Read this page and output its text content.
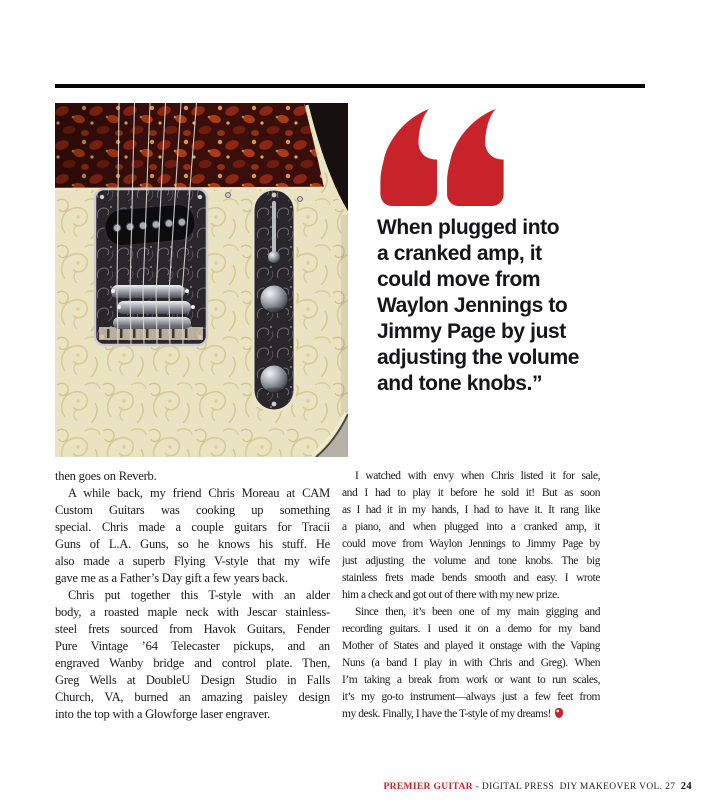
When plugged into
a cranked amp, it
could move from
Waylon Jennings to
Jimmy Page by just
adjusting the volume
and tone knobs.”
then goes on Reverb.
A while back, my friend Chris Moreau at CAM
Custom Guitars was cooking up something
special. Chris made a couple guitars for Tracii
Guns of L.A. Guns, so he knows his stuff. He
also made a superb Flying V-style that my wife
gave me as a Father’s Day gift a few years back.
Chris put together this T-style with an alder
body, a roasted maple neck with Jescar stainless-
steel frets sourced from Havok Guitars, Fender
Pure Vintage ’64 Telecaster pickups, and an
engraved Wanby bridge and control plate. Then,
Greg Wells at DoubleU Design Studio in Falls
Church, VA, burned an amazing paisley design
into the top with a Glowforge laser engraver.
I watched with envy when Chris listed it for sale,
and I had to play it before he sold it! But as soon
as I had it in my hands, I had to have it. It rang like
a piano, and when plugged into a cranked amp, it
could move from Waylon Jennings to Jimmy Page by
just adjusting the volume and tone knobs. The big
stainless frets made bends smooth and easy. I wrote
him a check and got out of there with my new prize.
Since then, it’s been one of my main gigging and
recording guitars. I used it on a demo for my band
Mother of States and played it onstage with the Vaping
Nuns (a band I play in with Chris and Greg). When
I’m taking a break from work or want to run scales,
it’s my go-to instrument—always just a few feet from
my desk. Finally, I have the T-style of my dreams!
PREMIER GUITAR - DIGITAL PRESS  DIY MAKEOVER VOL. 27  24
